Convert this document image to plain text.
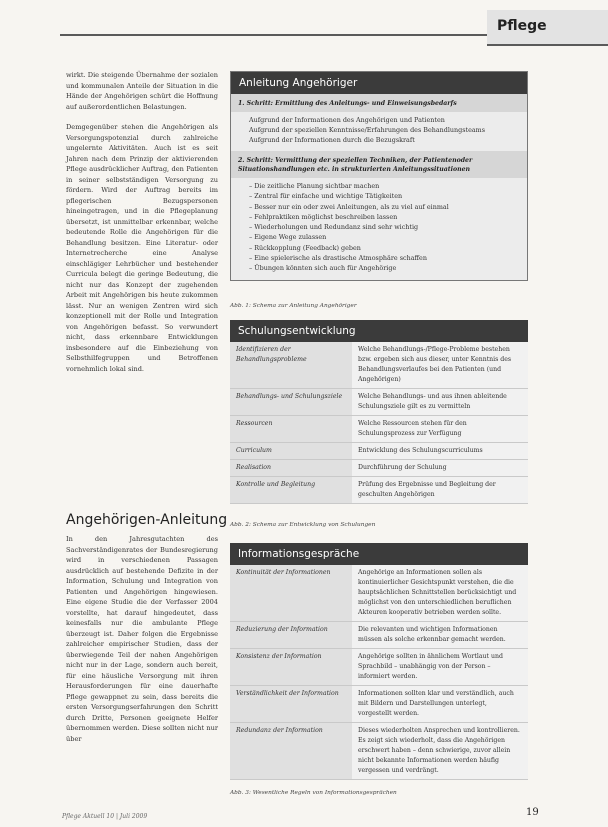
Pflege

wirkt. Die steigende Übernahme der sozialen und kommunalen Anteile der Situation in die Hände der Angehörigen schürt die Hoffnung auf außerordentlichen Belastungen.

Demgegenüber stehen die Angehörigen als Versorgungspotenzial durch zahlreiche ungelernte Aktivitäten. Auch ist es seit Jahren nach dem Prinzip der aktivierenden Pflege ausdrücklicher Auftrag, den Patienten in seiner selbstständigen Versorgung zu fördern. Wird der Auftrag bereits im pflegerischen Bezugspersonen hineingetragen, und in die Pflegeplanung übersetzt, ist unmittelbar erkennbar, welche bedeutende Rolle die Angehörigen für die Behandlung besitzen. Eine Literatur- oder Internetrecherche eine Analyse einschlägiger Lehrbücher und bestehender Curricula belegt die geringe Bedeutung, die nicht nur das Konzept der zugehenden Arbeit mit Angehörigen bis heute zukommen lässt. Nur an wenigen Zentren wird sich konzeptionell mit der Rolle und Integration von Angehörigen befasst. So verwundert nicht, dass erkennbare Entwicklungen insbesondere auf die Einbeziehung von Selbsthilfegruppen und Betroffenen vornehmlich lokal sind.

Angehörigen-Anleitung

In den Jahresgutachten des Sachverständigenrates der Bundesregierung wird in verschiedenen Passagen ausdrücklich auf bestehende Defizite in der Information, Schulung und Integration von Patienten und Angehörigen hingewiesen. Eine eigene Studie die der Verfasser 2004 vorstellte, hat darauf hingedeutet, dass keinesfalls nur die ambulante Pflege überzeugt ist. Daher folgen die Ergebnisse zahlreicher empirischer Studien, dass der überwiegende Teil der nahen Angehörigen nicht nur in der Lage, sondern auch bereit, für eine häusliche Versorgung mit ihren Herausforderungen für eine dauerhafte Pflege gewappnet zu sein, dass bereits die ersten Versorgungserfahrungen den Schritt durch Dritte, Personen geeignete Helfer übernommen werden. Diese sollten nicht nur über

Anleitung Angehöriger
1. Schritt: Ermittlung des Anleitungs- und Einweisungsbedarfs
Aufgrund der Informationen des Angehörigen und Patienten
Aufgrund der speziellen Kenntnisse/Erfahrungen des Behandlungsteams
Aufgrund der Informationen durch die Bezugskraft
2. Schritt: Vermittlung der speziellen Techniken, der Patientenoder Situationshandlungen etc. in strukturierten Anleitungssituationen
– Die zeitliche Planung sichtbar machen
– Zentral für einfache und wichtige Tätigkeiten
– Besser nur ein oder zwei Anleitungen, als zu viel auf einmal
– Fehlpraktiken möglichst beschreiben lassen
– Wiederholungen und Redundanz sind sehr wichtig
– Eigene Wege zulassen
– Rückkopplung (Feedback) geben
– Eine spielerische als drastische Atmosphäre schaffen
– Übungen könnten sich auch für Angehörige
Abb. 1: Schema zur Anleitung Angehöriger
Schulungsentwicklung
Identifizieren der Behandlungsprobleme	Welche Behandlungs-/Pflege-Probleme bestehen bzw. ergeben sich aus dieser, unter Kenntnis des Behandlungsverlaufes bei den Patienten (und Angehörigen)
Behandlungs- und Schulungsziele	Welche Behandlungs- und aus ihnen ableitende Schulungsziele gilt es zu vermitteln
Ressourcen	Welche Ressourcen stehen für den Schulungsprozess zur Verfügung
Curriculum	Entwicklung des Schulungscurriculums
Realisation	Durchführung der Schulung
Kontrolle und Begleitung	Prüfung des Ergebnisse und Begleitung der geschulten Angehörigen
Abb. 2: Schema zur Entwicklung von Schulungen
Informationsgespräche
Kontinuität der Informationen	Angehörige an Informationen sollen als kontinuierlicher Gesichtspunkt verstehen, die die hauptsächlichen Schnittstellen berücksichtigt und möglichst von den unterschiedlichen beruflichen Akteuren kooperativ betrieben werden sollte.
Reduzierung der Information	Die relevanten und wichtigen Informationen müssen als solche erkennbar gemacht werden.
Konsistenz der Information	Angehörige sollten in ähnlichem Wortlaut und Sprachbild – unabhängig von der Person – informiert werden.
Verständlichkeit der Information	Informationen sollten klar und verständlich, auch mit Bildern und Darstellungen unterlegt, vorgestellt werden.
Redundanz der Information	Dieses wiederholten Ansprechen und kontrollieren. Es zeigt sich wiederholt, dass die Angehörigen erschwert haben – denn schwierige, zuvor allein nicht bekannte Informationen werden häufig vergessen und verdrängt.
Abb. 3: Wesentliche Regeln von Informationsgesprächen
Pflege Aktuell 10 | Juli 2009	19
